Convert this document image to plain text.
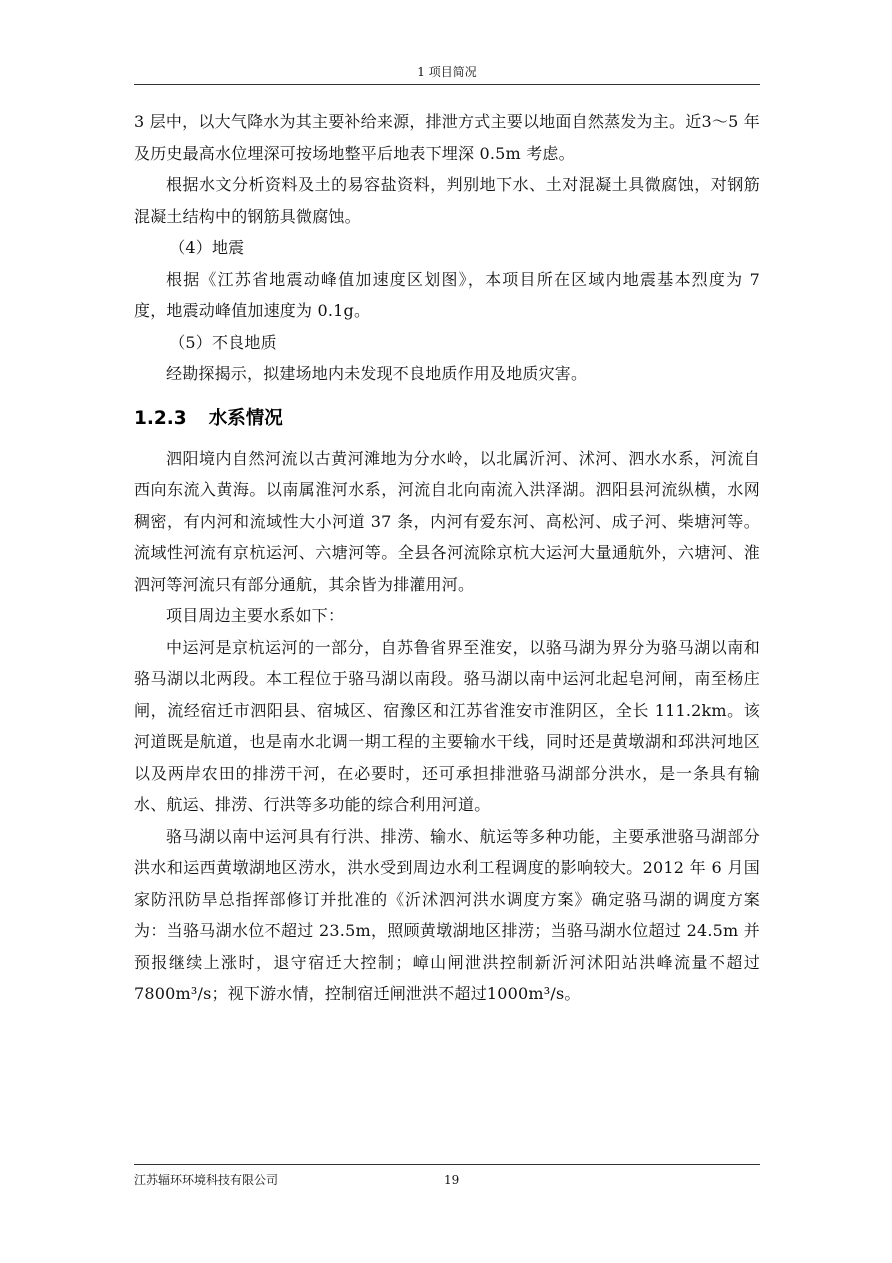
1 项目简况

3 层中，以大气降水为其主要补给来源，排泄方式主要以地面自然蒸发为主。近3～5 年及历史最高水位埋深可按场地整平后地表下埋深 0.5m 考虑。

根据水文分析资料及土的易容盐资料，判别地下水、土对混凝土具微腐蚀，对钢筋混凝土结构中的钢筋具微腐蚀。

（4）地震

根据《江苏省地震动峰值加速度区划图》，本项目所在区域内地震基本烈度为 7 度，地震动峰值加速度为 0.1g。

（5）不良地质

经勘探揭示，拟建场地内未发现不良地质作用及地质灾害。

1.2.3 水系情况

泗阳境内自然河流以古黄河滩地为分水岭，以北属沂河、沭河、泗水水系，河流自西向东流入黄海。以南属淮河水系，河流自北向南流入洪泽湖。泗阳县河流纵横，水网稠密，有内河和流域性大小河道 37 条，内河有爱东河、高松河、成子河、柴塘河等。流域性河流有京杭运河、六塘河等。全县各河流除京杭大运河大量通航外，六塘河、淮泗河等河流只有部分通航，其余皆为排灌用河。

项目周边主要水系如下：

中运河是京杭运河的一部分，自苏鲁省界至淮安，以骆马湖为界分为骆马湖以南和骆马湖以北两段。本工程位于骆马湖以南段。骆马湖以南中运河北起皂河闸，南至杨庄闸，流经宿迁市泗阳县、宿城区、宿豫区和江苏省淮安市淮阴区，全长 111.2km。该河道既是航道，也是南水北调一期工程的主要输水干线，同时还是黄墩湖和邳洪河地区以及两岸农田的排涝干河，在必要时，还可承担排泄骆马湖部分洪水，是一条具有输水、航运、排涝、行洪等多功能的综合利用河道。

骆马湖以南中运河具有行洪、排涝、输水、航运等多种功能，主要承泄骆马湖部分洪水和运西黄墩湖地区涝水，洪水受到周边水利工程调度的影响较大。2012 年 6 月国家防汛防旱总指挥部修订并批准的《沂沭泗河洪水调度方案》确定骆马湖的调度方案为：当骆马湖水位不超过 23.5m，照顾黄墩湖地区排涝；当骆马湖水位超过 24.5m 并预报继续上涨时，退守宿迁大控制；嶂山闸泄洪控制新沂河沭阳站洪峰流量不超过 7800m³/s；视下游水情，控制宿迁闸泄洪不超过1000m³/s。

江苏辐环环境科技有限公司	19
